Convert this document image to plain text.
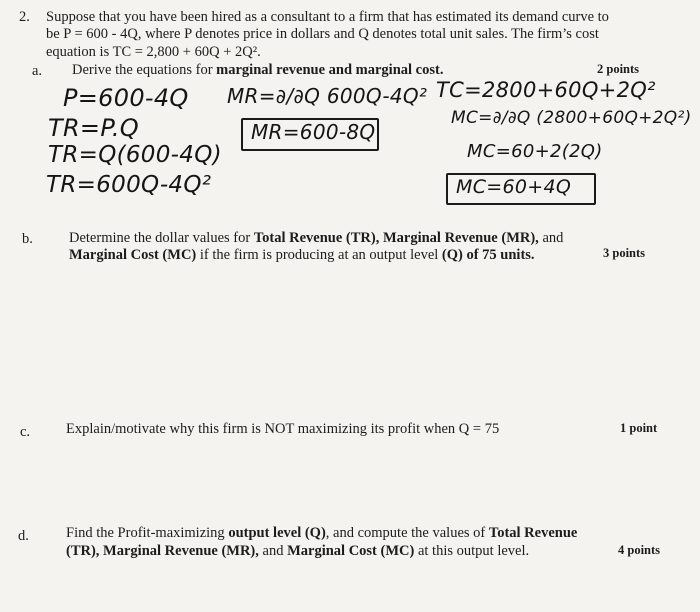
2. Suppose that you have been hired as a consultant to a firm that has estimated its demand curve to
be P = 600 - 4Q, where P denotes price in dollars and Q denotes total unit sales. The firm’s cost
equation is TC = 2,800 + 60Q + 2Q².
a. Derive the equations for marginal revenue and marginal cost.	2 points
P=600-4Q
TR=P.Q
TR=Q(600-4Q)
TR=600Q-4Q²
MR=∂/∂Q 600Q-4Q²
MR=600-8Q
TC=2800+60Q+2Q²
MC=∂/∂Q (2800+60Q+2Q²)
MC=60+2(2Q)
MC=60+4Q
b. Determine the dollar values for Total Revenue (TR), Marginal Revenue (MR), and
Marginal Cost (MC) if the firm is producing at an output level (Q) of 75 units.	3 points
c. Explain/motivate why this firm is NOT maximizing its profit when Q = 75	1 point
d.	Find the Profit-maximizing output level (Q), and compute the values of Total Revenue
(TR), Marginal Revenue (MR), and Marginal Cost (MC) at this output level.	4 points
